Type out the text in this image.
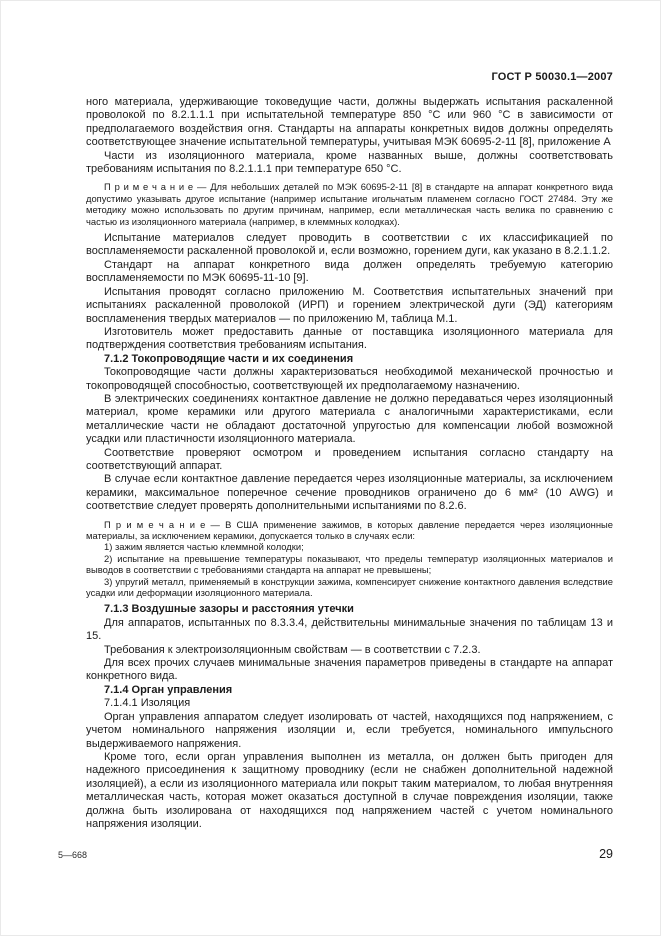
ГОСТ Р 50030.1—2007

ного материала, удерживающие токоведущие части, должны выдержать испытания раскаленной проволокой по 8.2.1.1.1 при испытательной температуре 850 °С или 960 °С в зависимости от предполагаемого воздействия огня. Стандарты на аппараты конкретных видов должны определять соответствующее значение испытательной температуры, учитывая МЭК 60695-2-11 [8], приложение А

Части из изоляционного материала, кроме названных выше, должны соответствовать требованиям испытания по 8.2.1.1.1 при температуре 650 °С.

П р и м е ч а н и е — Для небольших деталей по МЭК 60695-2-11 [8] в стандарте на аппарат конкретного вида допустимо указывать другое испытание (например испытание игольчатым пламенем согласно ГОСТ 27484. Эту же методику можно использовать по другим причинам, например, если металлическая часть велика по сравнению с частью из изоляционного материала (например, в клеммных колодках).

Испытание материалов следует проводить в соответствии с их классификацией по воспламеняемости раскаленной проволокой и, если возможно, горением дуги, как указано в 8.2.1.1.2.

Стандарт на аппарат конкретного вида должен определять требуемую категорию воспламеняемости по МЭК 60695-11-10 [9].

Испытания проводят согласно приложению М. Соответствия испытательных значений при испытаниях раскаленной проволокой (ИРП) и горением электрической дуги (ЭД) категориям воспламенения твердых материалов — по приложению М, таблица М.1.

Изготовитель может предоставить данные от поставщика изоляционного материала для подтверждения соответствия требованиям испытания.

7.1.2 Токопроводящие части и их соединения

Токопроводящие части должны характеризоваться необходимой механической прочностью и токопроводящей способностью, соответствующей их предполагаемому назначению.

В электрических соединениях контактное давление не должно передаваться через изоляционный материал, кроме керамики или другого материала с аналогичными характеристиками, если металлические части не обладают достаточной упругостью для компенсации любой возможной усадки или пластичности изоляционного материала.

Соответствие проверяют осмотром и проведением испытания согласно стандарту на соответствующий аппарат.

В случае если контактное давление передается через изоляционные материалы, за исключением керамики, максимальное поперечное сечение проводников ограничено до 6 мм² (10 AWG) и соответствие следует проверять дополнительными испытаниями по 8.2.6.

П р и м е ч а н и е — В США применение зажимов, в которых давление передается через изоляционные материалы, за исключением керамики, допускается только в случаях если:

1) зажим является частью клеммной колодки;

2) испытание на превышение температуры показывают, что пределы температур изоляционных материалов и выводов в соответствии с требованиями стандарта на аппарат не превышены;

3) упругий металл, применяемый в конструкции зажима, компенсирует снижение контактного давления вследствие усадки или деформации изоляционного материала.

7.1.3 Воздушные зазоры и расстояния утечки

Для аппаратов, испытанных по 8.3.3.4, действительны минимальные значения по таблицам 13 и 15.

Требования к электроизоляционным свойствам — в соответствии с 7.2.3.

Для всех прочих случаев минимальные значения параметров приведены в стандарте на аппарат конкретного вида.

7.1.4 Орган управления

7.1.4.1 Изоляция

Орган управления аппаратом следует изолировать от частей, находящихся под напряжением, с учетом номинального напряжения изоляции и, если требуется, номинального импульсного выдерживаемого напряжения.

Кроме того, если орган управления выполнен из металла, он должен быть пригоден для надежного присоединения к защитному проводнику (если не снабжен дополнительной надежной изоляцией), а если из изоляционного материала или покрыт таким материалом, то любая внутренняя металлическая часть, которая может оказаться доступной в случае повреждения изоляции, также должна быть изолирована от находящихся под напряжением частей с учетом номинального напряжения изоляции.

5—668	29
